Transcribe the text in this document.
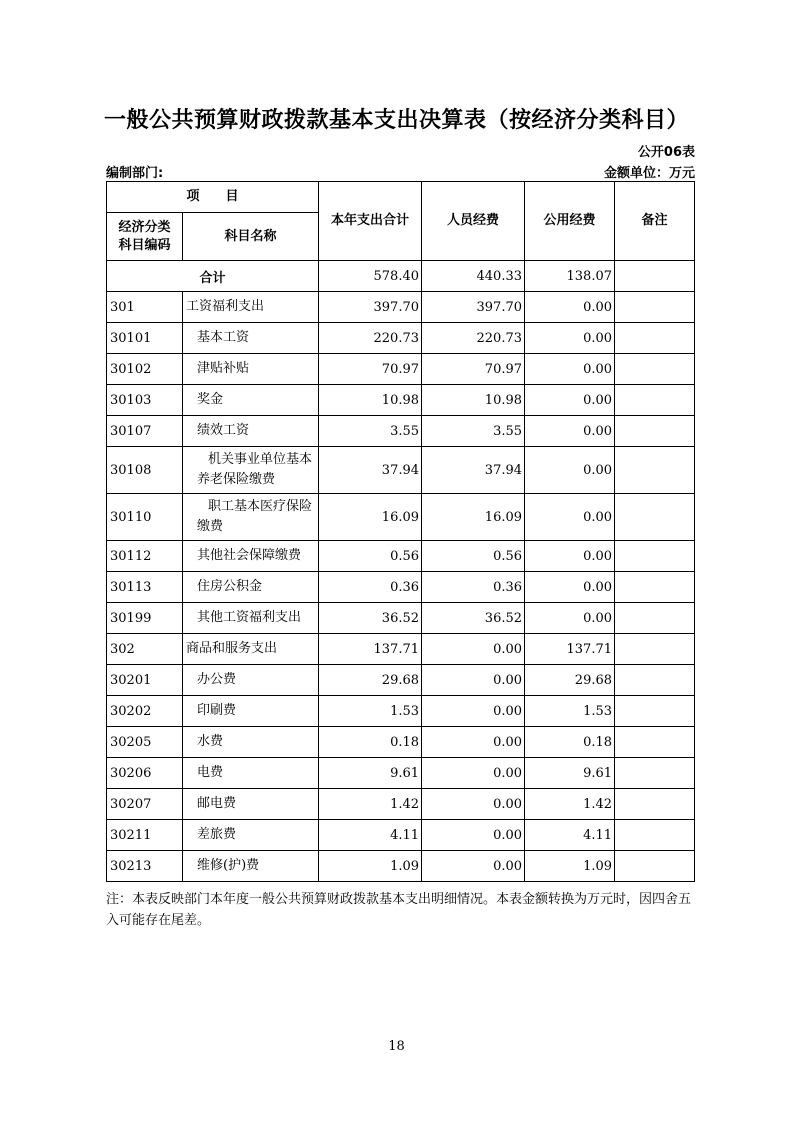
一般公共预算财政拨款基本支出决算表（按经济分类科目）
公开06表
编制部门:	金额单位：万元
项　　目		本年支出合计	人员经费	公用经费	备注

经济分类
科目编码	科目名称				
合计		578.40	440.33	138.07	
301	工资福利支出	397.70	397.70	0.00	
30101	基本工资	220.73	220.73	0.00	
30102	津贴补贴	70.97	70.97	0.00	
30103	奖金	10.98	10.98	0.00	
30107	绩效工资	3.55	3.55	0.00	
30108	机关事业单位基本养老保险缴费	37.94	37.94	0.00	
30110	职工基本医疗保险缴费	16.09	16.09	0.00	
30112	其他社会保障缴费	0.56	0.56	0.00	
30113	住房公积金	0.36	0.36	0.00	
30199	其他工资福利支出	36.52	36.52	0.00	
302	商品和服务支出	137.71	0.00	137.71	
30201	办公费	29.68	0.00	29.68	
30202	印刷费	1.53	0.00	1.53	
30205	水费	0.18	0.00	0.18	
30206	电费	9.61	0.00	9.61	
30207	邮电费	1.42	0.00	1.42	
30211	差旅费	4.11	0.00	4.11	
30213	维修(护)费	1.09	0.00	1.09	
注：本表反映部门本年度一般公共预算财政拨款基本支出明细情况。本表金额转换为万元时，因四舍五入可能存在尾差。
18
